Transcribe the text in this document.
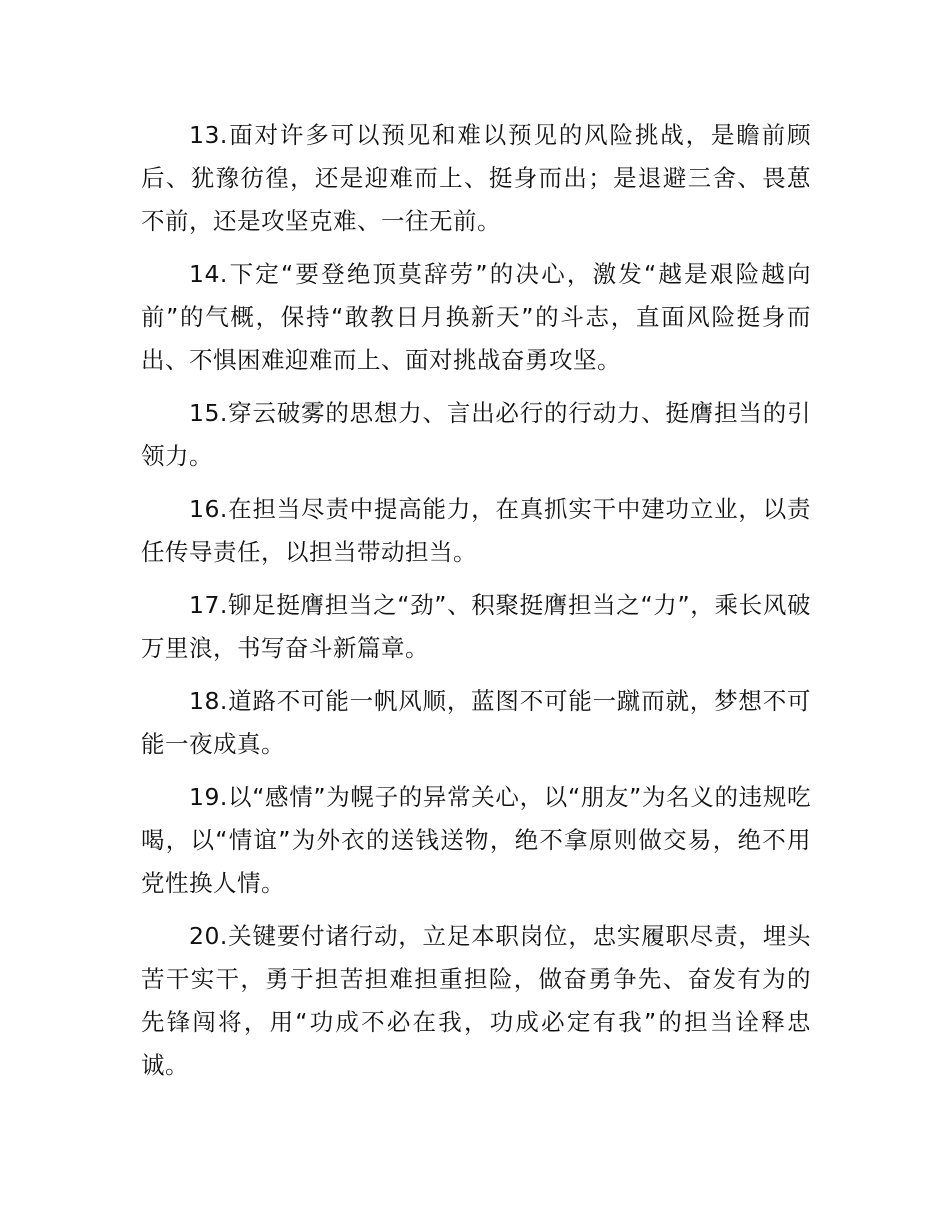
13.面对许多可以预见和难以预见的风险挑战，是瞻前顾后、犹豫彷徨，还是迎难而上、挺身而出；是退避三舍、畏葸不前，还是攻坚克难、一往无前。

14.下定“要登绝顶莫辞劳”的决心，激发“越是艰险越向前”的气概，保持“敢教日月换新天”的斗志，直面风险挺身而出、不惧困难迎难而上、面对挑战奋勇攻坚。

15.穿云破雾的思想力、言出必行的行动力、挺膺担当的引领力。

16.在担当尽责中提高能力，在真抓实干中建功立业，以责任传导责任，以担当带动担当。

17.铆足挺膺担当之“劲”、积聚挺膺担当之“力”，乘长风破万里浪，书写奋斗新篇章。

18.道路不可能一帆风顺，蓝图不可能一蹴而就，梦想不可能一夜成真。

19.以“感情”为幌子的异常关心，以“朋友”为名义的违规吃喝，以“情谊”为外衣的送钱送物，绝不拿原则做交易，绝不用党性换人情。

20.关键要付诸行动，立足本职岗位，忠实履职尽责，埋头苦干实干，勇于担苦担难担重担险，做奋勇争先、奋发有为的先锋闯将，用“功成不必在我，功成必定有我”的担当诠释忠诚。
